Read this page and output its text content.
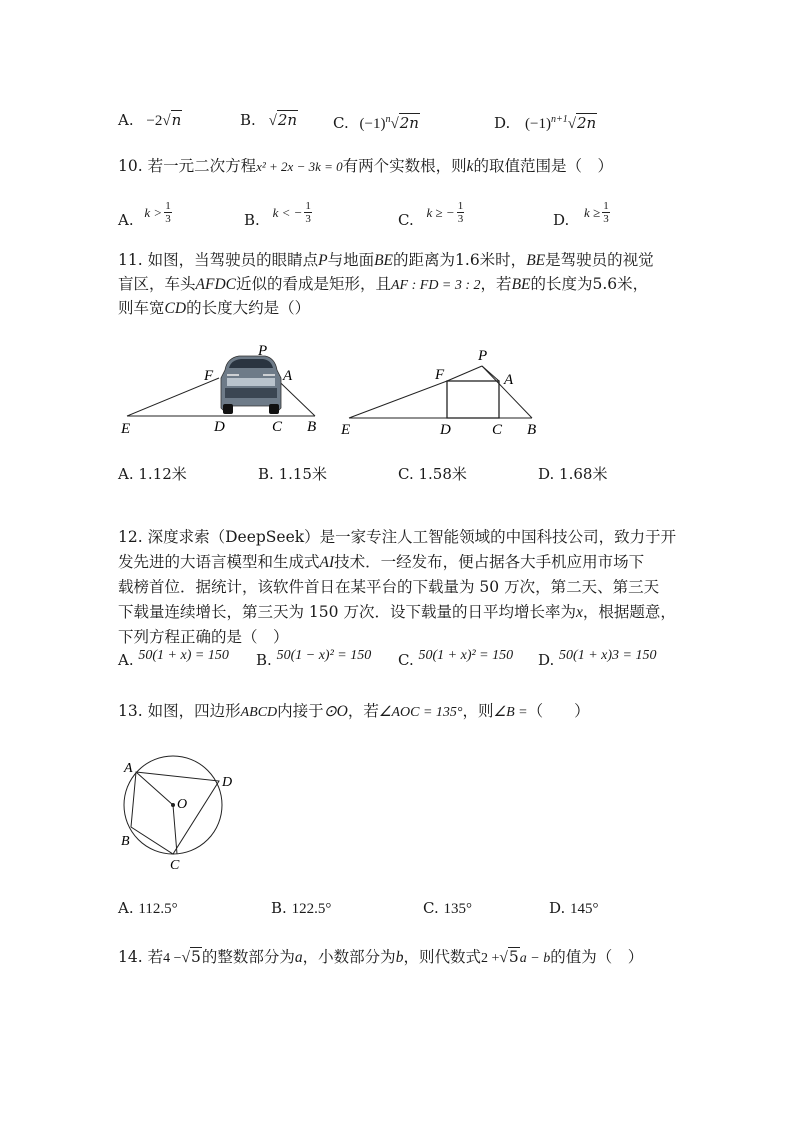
A. −2√n	B. √2n C. $(-1)^n√2n$	D. $(-1)^{n+1}√2n$
10. 若一元二次方程x² + 2x − 3k = 0有两个实数根，则k的取值范围是（　）
A. $k > \frac{1}{3}$	B. k < − $\frac{1}{3}$	C. k ≥ − $\frac{1}{3}$	D. $k \ge \frac{1}{3}$
11. 如图，当驾驶员的眼睛点P与地面BE的距离为1.6米时，BE是驾驶员的视觉
盲区，车头AFDC近似的看成是矩形，且AF : FD = 3 : 2，若BE的长度为5.6米，
则车宽CD的长度大约是（）
P
F	A
E	D	C B
P
F	A
E	D	C B
A. 1.12米	B. 1.15米	C. 1.58米	D. 1.68米
12. 深度求索（DeepSeek）是一家专注人工智能领域的中国科技公司，致力于开
发先进的大语言模型和生成式AI技术．一经发布，便占据各大手机应用市场下
载榜首位．据统计，该软件首日在某平台的下载量为 50 万次，第二天、第三天
下载量连续增长，第三天为 150 万次．设下载量的日平均增长率为x，根据题意，
下列方程正确的是（　）
A. 50(1 + x) = 150 B. 50(1 − x)² = 150 C. 50(1 + x)² = 150 D. 50(1 + x)3 = 150
13. 如图，四边形ABCD内接于⊙O，若∠AOC = 135°，则∠B =（　　）
A
D
O
B
C
A. 112.5°	B. 122.5°	C. 135°	D. 145°
14. 若4 −√5的整数部分为a，小数部分为b，则代数式2 +√5a − b的值为（　）
